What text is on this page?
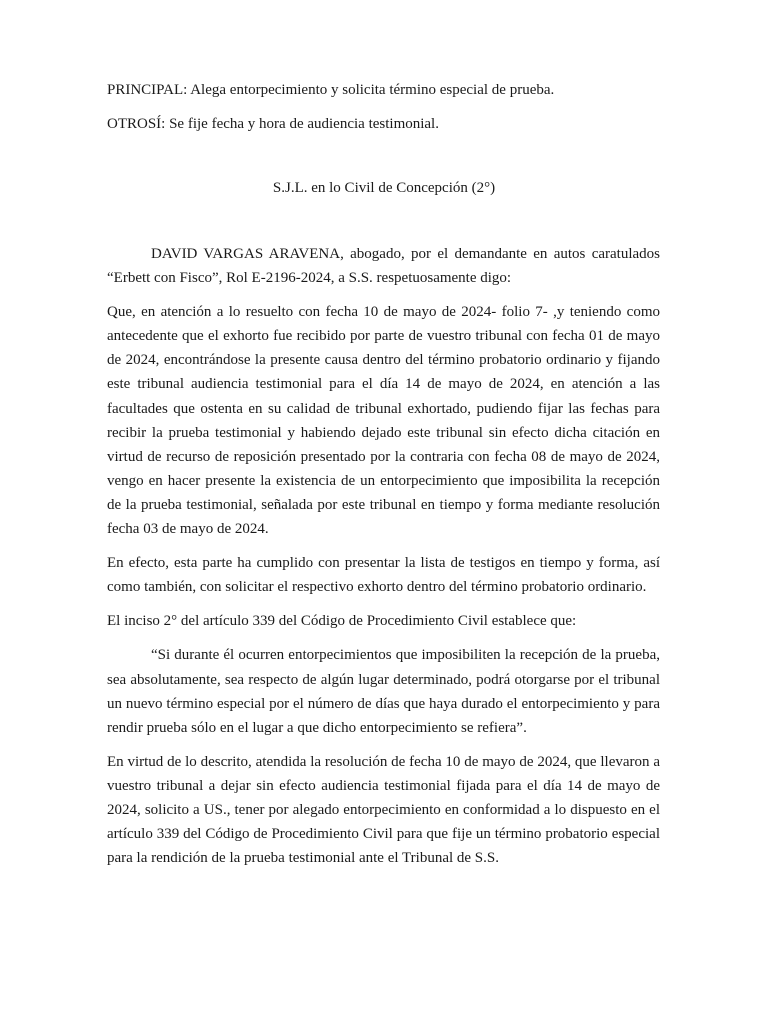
PRINCIPAL: Alega entorpecimiento y solicita término especial de prueba.

OTROSÍ: Se fije fecha y hora de audiencia testimonial.

S.J.L. en lo Civil de Concepción (2°)

DAVID VARGAS ARAVENA, abogado, por el demandante en autos caratulados “Erbett con Fisco”, Rol E-2196-2024, a S.S. respetuosamente digo:

Que, en atención a lo resuelto con fecha 10 de mayo de 2024- folio 7- ,y teniendo como antecedente que el exhorto fue recibido por parte de vuestro tribunal con fecha 01 de mayo de 2024, encontrándose la presente causa dentro del término probatorio ordinario y fijando este tribunal audiencia testimonial para el día 14 de mayo de 2024, en atención a las facultades que ostenta en su calidad de tribunal exhortado, pudiendo fijar las fechas para recibir la prueba testimonial y habiendo dejado este tribunal sin efecto dicha citación en virtud de recurso de reposición presentado por la contraria con fecha 08 de mayo de 2024, vengo en hacer presente la existencia de un entorpecimiento que imposibilita la recepción de la prueba testimonial, señalada por este tribunal en tiempo y forma mediante resolución fecha 03 de mayo de 2024.

En efecto, esta parte ha cumplido con presentar la lista de testigos en tiempo y forma, así como también, con solicitar el respectivo exhorto dentro del término probatorio ordinario.

El inciso 2° del artículo 339 del Código de Procedimiento Civil establece que:

“Si durante él ocurren entorpecimientos que imposibiliten la recepción de la prueba, sea absolutamente, sea respecto de algún lugar determinado, podrá otorgarse por el tribunal un nuevo término especial por el número de días que haya durado el entorpecimiento y para rendir prueba sólo en el lugar a que dicho entorpecimiento se refiera”.

En virtud de lo descrito, atendida la resolución de fecha 10 de mayo de 2024, que llevaron a vuestro tribunal a dejar sin efecto audiencia testimonial fijada para el día 14 de mayo de 2024, solicito a US., tener por alegado entorpecimiento en conformidad a lo dispuesto en el artículo 339 del Código de Procedimiento Civil para que fije un término probatorio especial para la rendición de la prueba testimonial ante el Tribunal de S.S.
